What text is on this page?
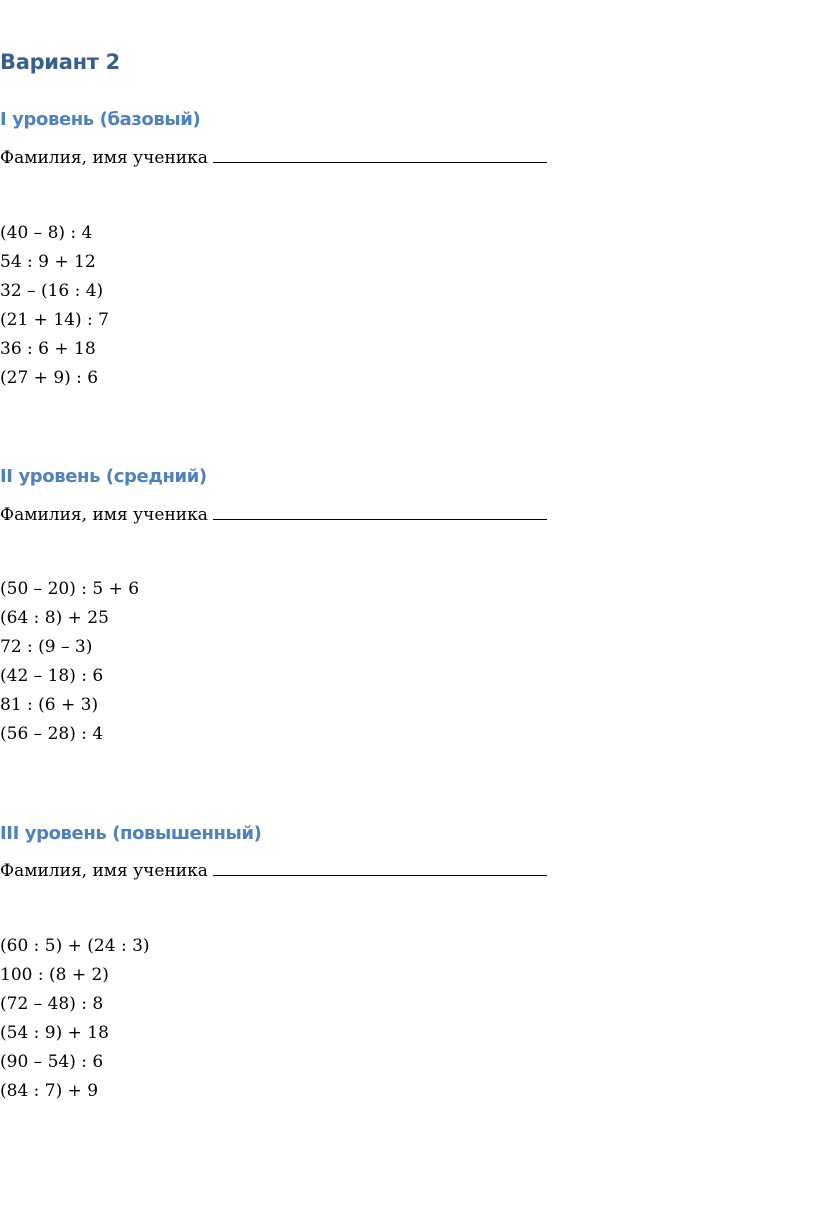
Вариант 2
I уровень (базовый)
Фамилия, имя ученика
(40 – 8) : 4
54 : 9 + 12
32 – (16 : 4)
(21 + 14) : 7
36 : 6 + 18
(27 + 9) : 6
II уровень (средний)
Фамилия, имя ученика
(50 – 20) : 5 + 6
(64 : 8) + 25
72 : (9 – 3)
(42 – 18) : 6
81 : (6 + 3)
(56 – 28) : 4
III уровень (повышенный)
Фамилия, имя ученика
(60 : 5) + (24 : 3)
100 : (8 + 2)
(72 – 48) : 8
(54 : 9) + 18
(90 – 54) : 6
(84 : 7) + 9
